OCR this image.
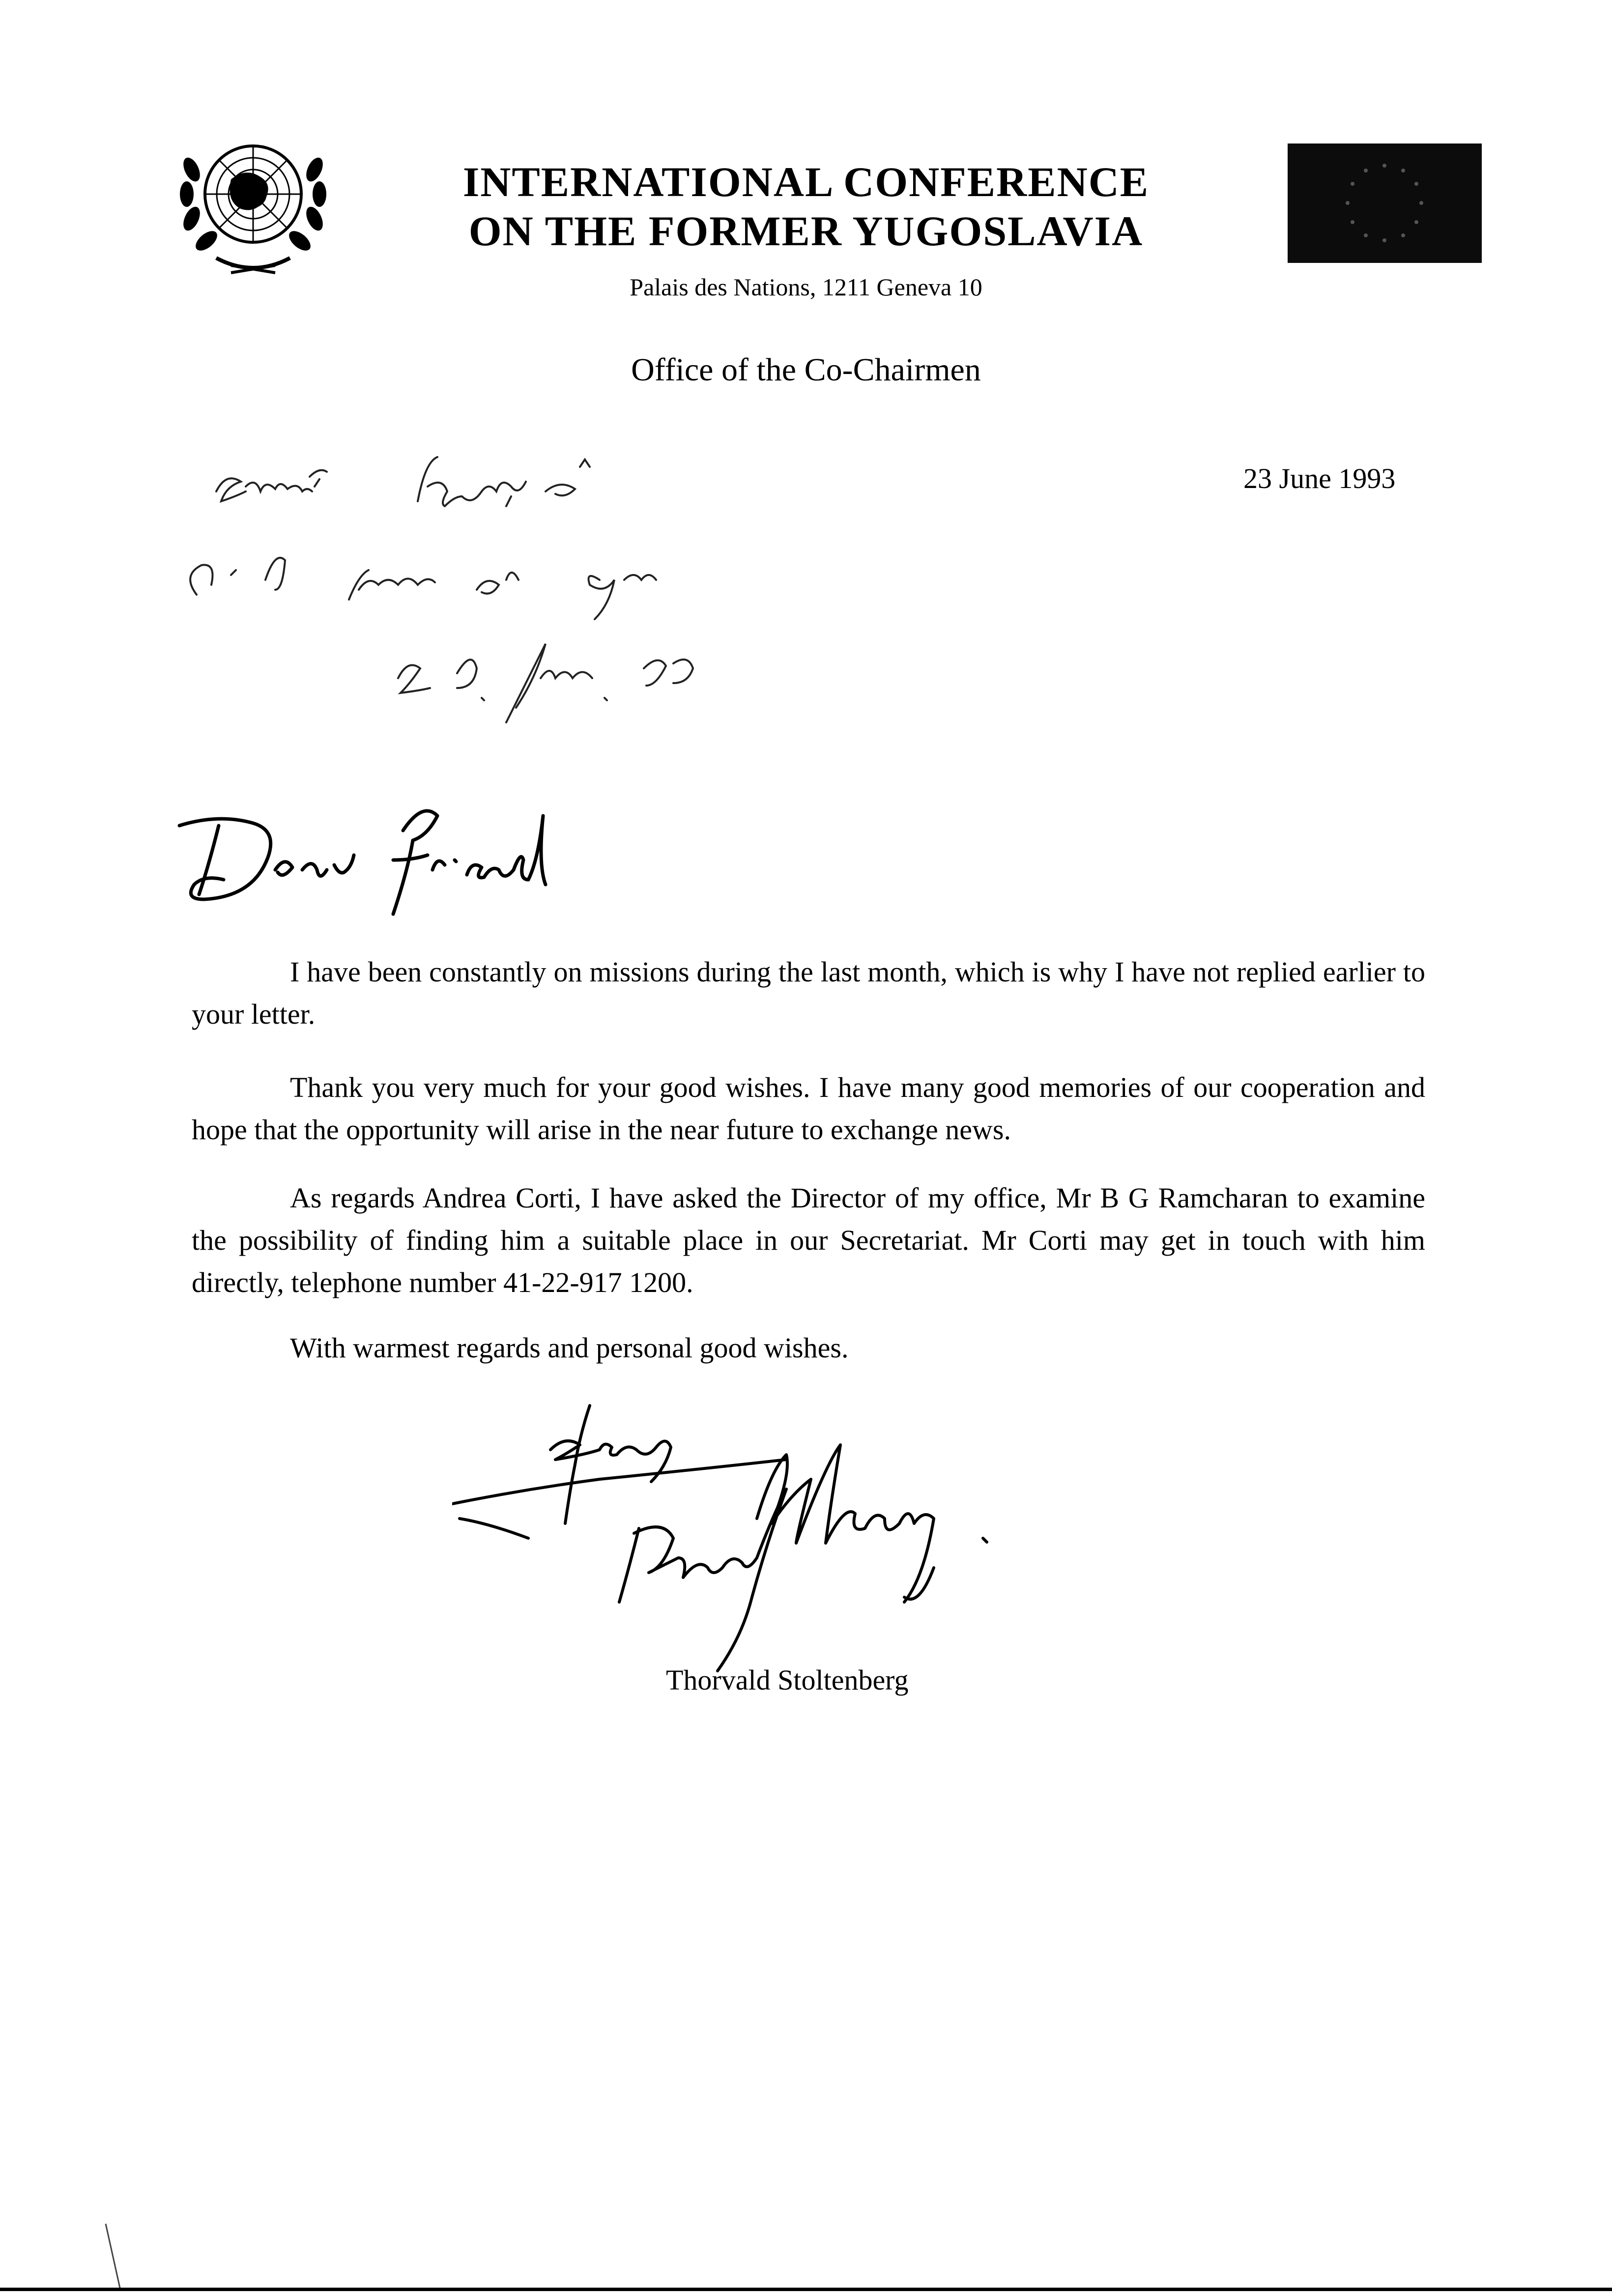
INTERNATIONAL CONFERENCE
ON THE FORMER YUGOSLAVIA
Palais des Nations, 1211 Geneva 10
Office of the Co-Chairmen
23 June 1993
I have been constantly on missions during the last month, which is why I have not replied earlier to your letter.
Thank you very much for your good wishes. I have many good memories of our cooperation and hope that the opportunity will arise in the near future to exchange news.
As regards Andrea Corti, I have asked the Director of my office, Mr B G Ramcharan to examine the possibility of finding him a suitable place in our Secretariat. Mr Corti may get in touch with him directly, telephone number 41-22-917 1200.
With warmest regards and personal good wishes.
Thorvald Stoltenberg
